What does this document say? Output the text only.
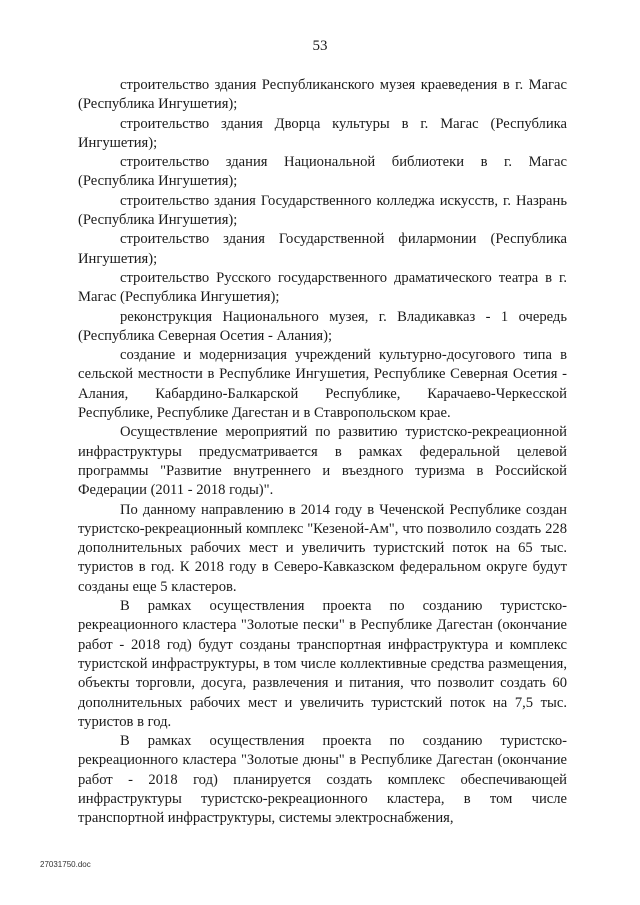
53

строительство здания Республиканского музея краеведения в г. Магас (Республика Ингушетия);

строительство здания Дворца культуры в г. Магас (Республика Ингушетия);

строительство здания Национальной библиотеки в г. Магас (Республика Ингушетия);

строительство здания Государственного колледжа искусств, г. Назрань (Республика Ингушетия);

строительство здания Государственной филармонии (Республика Ингушетия);

строительство Русского государственного драматического театра в г. Магас (Республика Ингушетия);

реконструкция Национального музея, г. Владикавказ - 1 очередь (Республика Северная Осетия - Алания);

создание и модернизация учреждений культурно-досугового типа в сельской местности в Республике Ингушетия, Республике Северная Осетия - Алания, Кабардино-Балкарской Республике, Карачаево-Черкесской Республике, Республике Дагестан и в Ставропольском крае.

Осуществление мероприятий по развитию туристско-рекреационной инфраструктуры предусматривается в рамках федеральной целевой программы "Развитие внутреннего и въездного туризма в Российской Федерации (2011 - 2018 годы)".

По данному направлению в 2014 году в Чеченской Республике создан туристско-рекреационный комплекс "Кезеной-Ам", что позволило создать 228 дополнительных рабочих мест и увеличить туристский поток на 65 тыс. туристов в год. К 2018 году в Северо-Кавказском федеральном округе будут созданы еще 5 кластеров.

В рамках осуществления проекта по созданию туристско-рекреационного кластера "Золотые пески" в Республике Дагестан (окончание работ - 2018 год) будут созданы транспортная инфраструктура и комплекс туристской инфраструктуры, в том числе коллективные средства размещения, объекты торговли, досуга, развлечения и питания, что позволит создать 60 дополнительных рабочих мест и увеличить туристский поток на 7,5 тыс. туристов в год.

В рамках осуществления проекта по созданию туристско-рекреационного кластера "Золотые дюны" в Республике Дагестан (окончание работ - 2018 год) планируется создать комплекс обеспечивающей инфраструктуры туристско-рекреационного кластера, в том числе транспортной инфраструктуры, системы электроснабжения,

27031750.doc
